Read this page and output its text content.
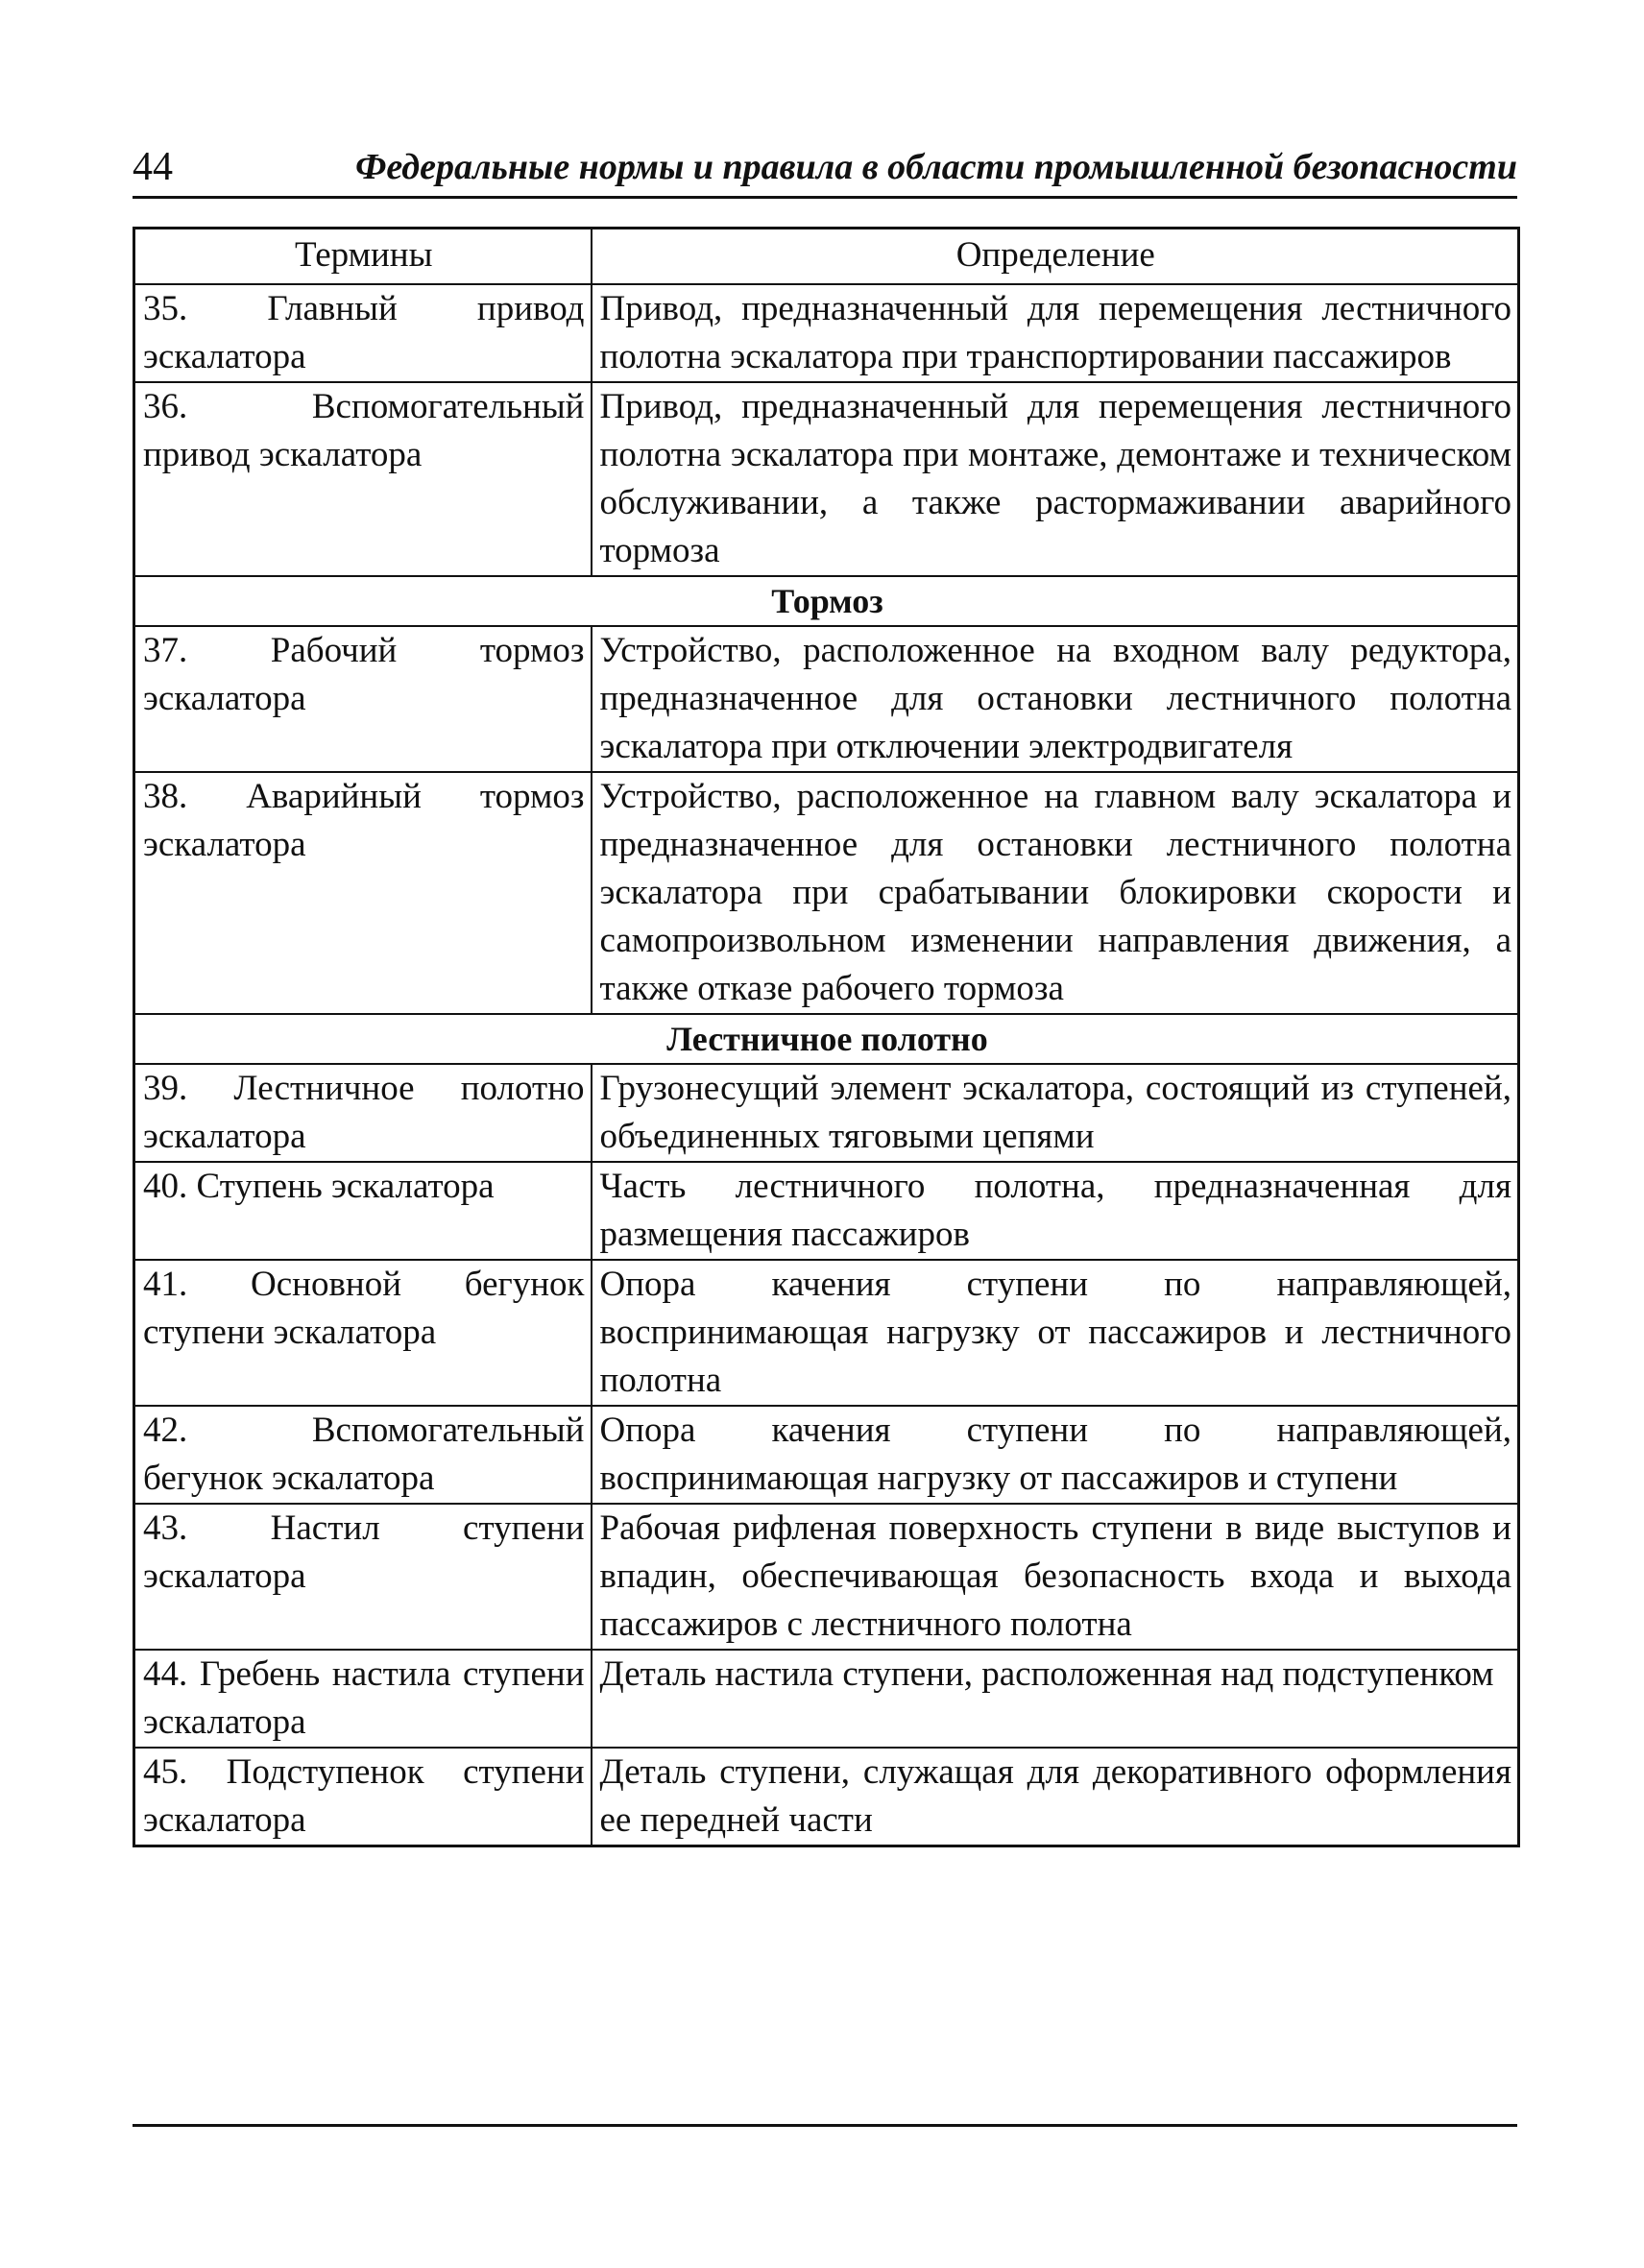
44	Федеральные нормы и правила в области промышленной безопасности
Термины	Определение
35. Главный привод эскалатора	Привод, предназначенный для перемещения лестничного полотна эскалатора при транспортировании пассажиров
36. Вспомогательный привод эскалатора	Привод, предназначенный для перемещения лестничного полотна эскалатора при монтаже, демонтаже и техническом обслуживании, а также растормаживании аварийного тормоза
Тормоз	
37. Рабочий тормоз эскалатора	Устройство, расположенное на входном валу редуктора, предназначенное для остановки лестничного полотна эскалатора при отключении электродвигателя
38. Аварийный тормоз эскалатора	Устройство, расположенное на главном валу эскалатора и предназначенное для остановки лестничного полотна эскалатора при срабатывании блокировки скорости и самопроизвольном изменении направления движения, а также отказе рабочего тормоза
Лестничное полотно	
39. Лестничное полотно эскалатора	Грузонесущий элемент эскалатора, состоящий из ступеней, объединенных тяговыми цепями
40. Ступень эскалатора	Часть лестничного полотна, предназначенная для размещения пассажиров
41. Основной бегунок ступени эскалатора	Опора качения ступени по направляющей, воспринимающая нагрузку от пассажиров и лестничного полотна
42. Вспомогательный бегунок эскалатора	Опора качения ступени по направляющей, воспринимающая нагрузку от пассажиров и ступени
43. Настил ступени эскалатора	Рабочая рифленая поверхность ступени в виде выступов и впадин, обеспечивающая безопасность входа и выхода пассажиров с лестничного полотна
44. Гребень настила ступени эскалатора	Деталь настила ступени, расположенная над подступенком
45. Подступенок ступени эскалатора	Деталь ступени, служащая для декоративного оформления ее передней части
